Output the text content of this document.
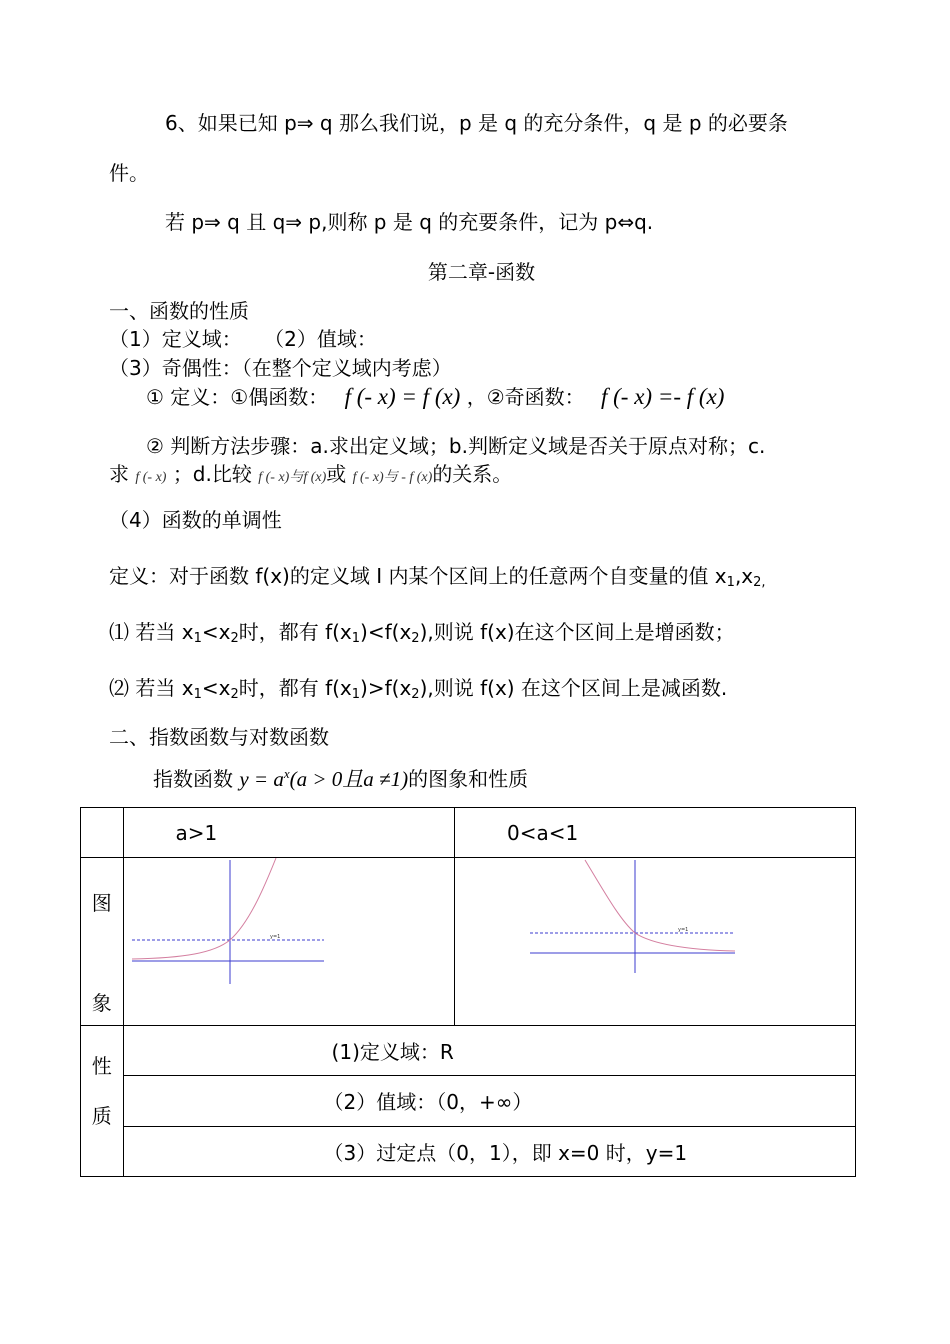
6、如果已知 p⇒ q 那么我们说，p 是 q 的充分条件，q 是 p 的必要条
件。
若 p⇒ q 且 q⇒ p,则称 p 是 q 的充要条件，记为 p⇔q.
第二章-函数
一、函数的性质
（1）定义域： （2）值域：
（3）奇偶性：（在整个定义域内考虑）
① 定义：①偶函数： f (- x) = f (x) ，②奇函数： f (- x) =- f (x)
② 判断方法步骤：a.求出定义域；b.判断定义域是否关于原点对称；c.
求 f (- x) ；d.比较 f (- x)与f (x)或 f (- x)与 - f (x)的关系。
（4）函数的单调性
定义：对于函数 f(x)的定义域 I 内某个区间上的任意两个自变量的值 $x_1,x_{2,}$
⑴ 若当 $x_1<x_2$时，都有 $f(x_1)<f(x_2)$,则说 f(x)在这个区间上是增函数；
⑵ 若当 $x_1<x_2$时，都有 $f(x_1)>f(x_2)$,则说 f(x) 在这个区间上是减函数.
二、指数函数与对数函数
指数函数 $y = a^x(a > 0$且a ≠1)的图象和性质
	a>1	0<a<1

图
象	y=1	y=1

性
质	(1)定义域：R	
	（2）值域：（0，+∞）	
	（3）过定点（0，1），即 x=0 时，y=1	
